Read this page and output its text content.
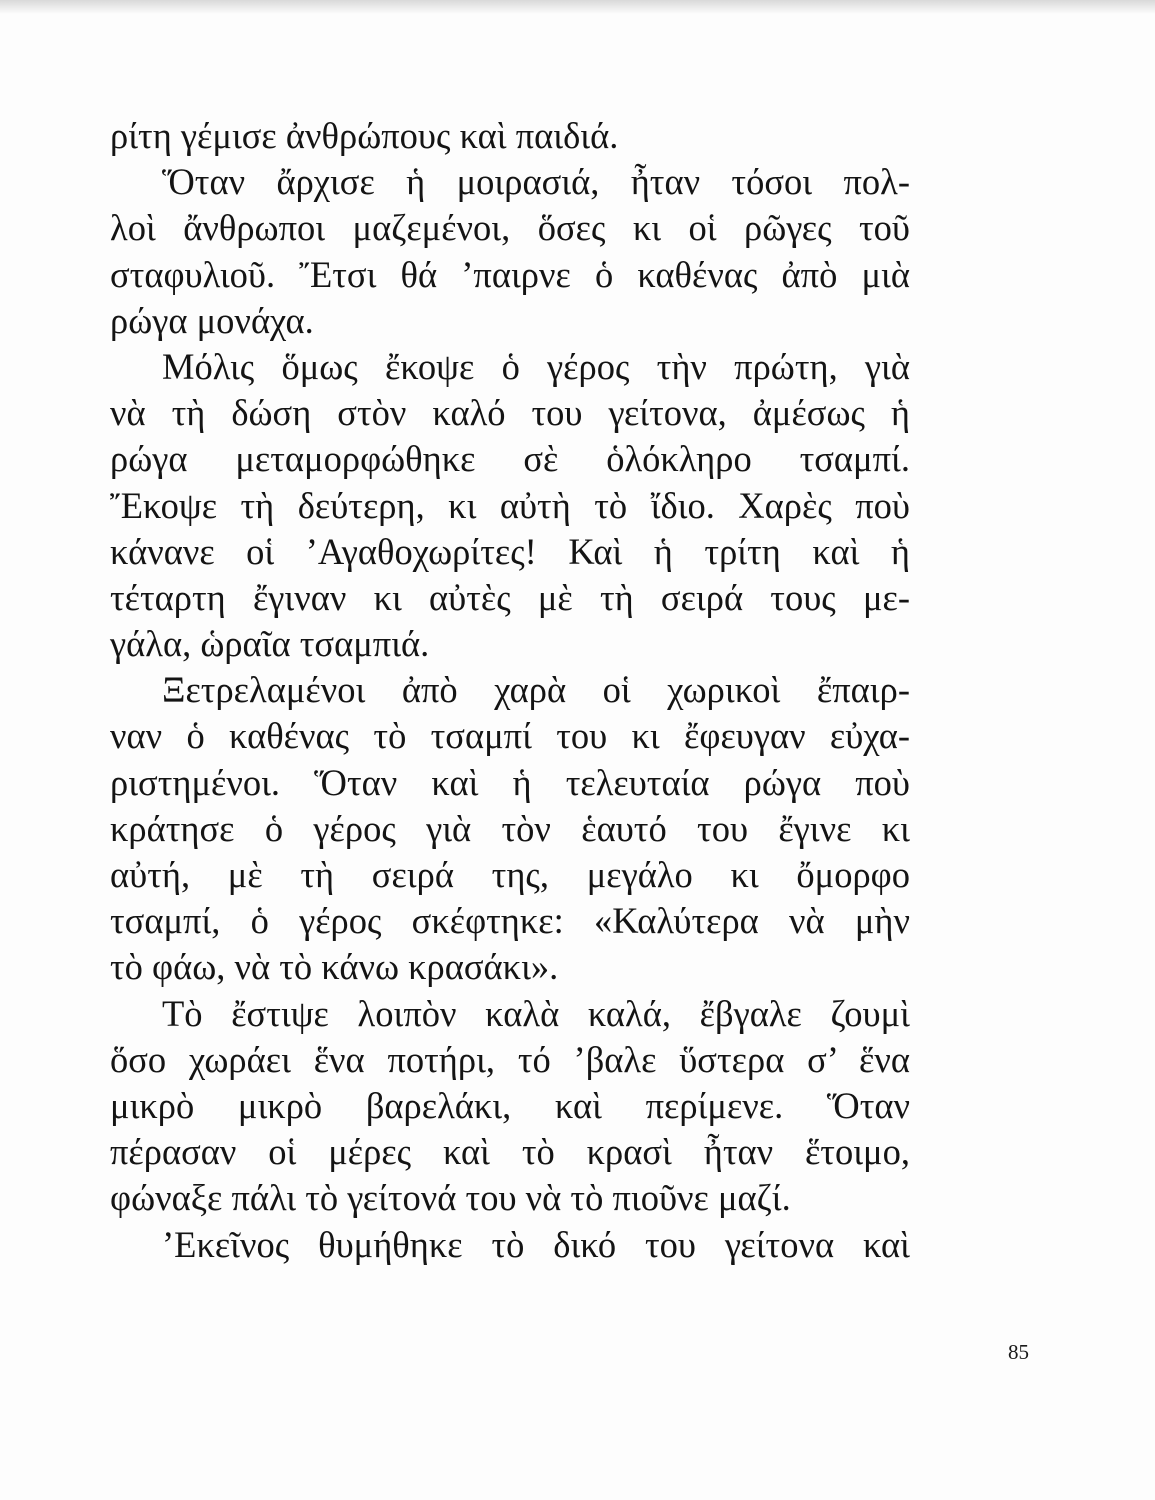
ρίτη γέμισε ἀνθρώπους καὶ παιδιά.
Ὅταν ἄρχισε ἡ μοιρασιά, ἦταν τόσοι πολ-
λοὶ ἄνθρωποι μαζεμένοι, ὅσες κι οἱ ρῶγες τοῦ
σταφυλιοῦ. Ἔτσι θά ’παιρνε ὁ καθένας ἀπὸ μιὰ
ρώγα μονάχα.
Μόλις ὅμως ἔκοψε ὁ γέρος τὴν πρώτη, γιὰ
νὰ τὴ δώση στὸν καλό του γείτονα, ἀμέσως ἡ
ρώγα μεταμορφώθηκε σὲ ὁλόκληρο τσαμπί.
Ἔκοψε τὴ δεύτερη, κι αὐτὴ τὸ ἴδιο. Χαρὲς ποὺ
κάνανε οἱ ’Αγαθοχωρίτες! Καὶ ἡ τρίτη καὶ ἡ
τέταρτη ἔγιναν κι αὐτὲς μὲ τὴ σειρά τους με-
γάλα, ὡραῖα τσαμπιά.
Ξετρελαμένοι ἀπὸ χαρὰ οἱ χωρικοὶ ἔπαιρ-
ναν ὁ καθένας τὸ τσαμπί του κι ἔφευγαν εὐχα-
ριστημένοι. Ὅταν καὶ ἡ τελευταία ρώγα ποὺ
κράτησε ὁ γέρος γιὰ τὸν ἑαυτό του ἔγινε κι
αὐτή, μὲ τὴ σειρά της, μεγάλο κι ὄμορφο
τσαμπί, ὁ γέρος σκέφτηκε: «Καλύτερα νὰ μὴν
τὸ φάω, νὰ τὸ κάνω κρασάκι».
Τὸ ἔστιψε λοιπὸν καλὰ καλά, ἔβγαλε ζουμὶ
ὅσο χωράει ἕνα ποτήρι, τό ’βαλε ὕστερα σ’ ἕνα
μικρὸ μικρὸ βαρελάκι, καὶ περίμενε. Ὅταν
πέρασαν οἱ μέρες καὶ τὸ κρασὶ ἦταν ἕτοιμο,
φώναξε πάλι τὸ γείτονά του νὰ τὸ πιοῦνε μαζί.
’Εκεῖνος θυμήθηκε τὸ δικό του γείτονα καὶ
85
